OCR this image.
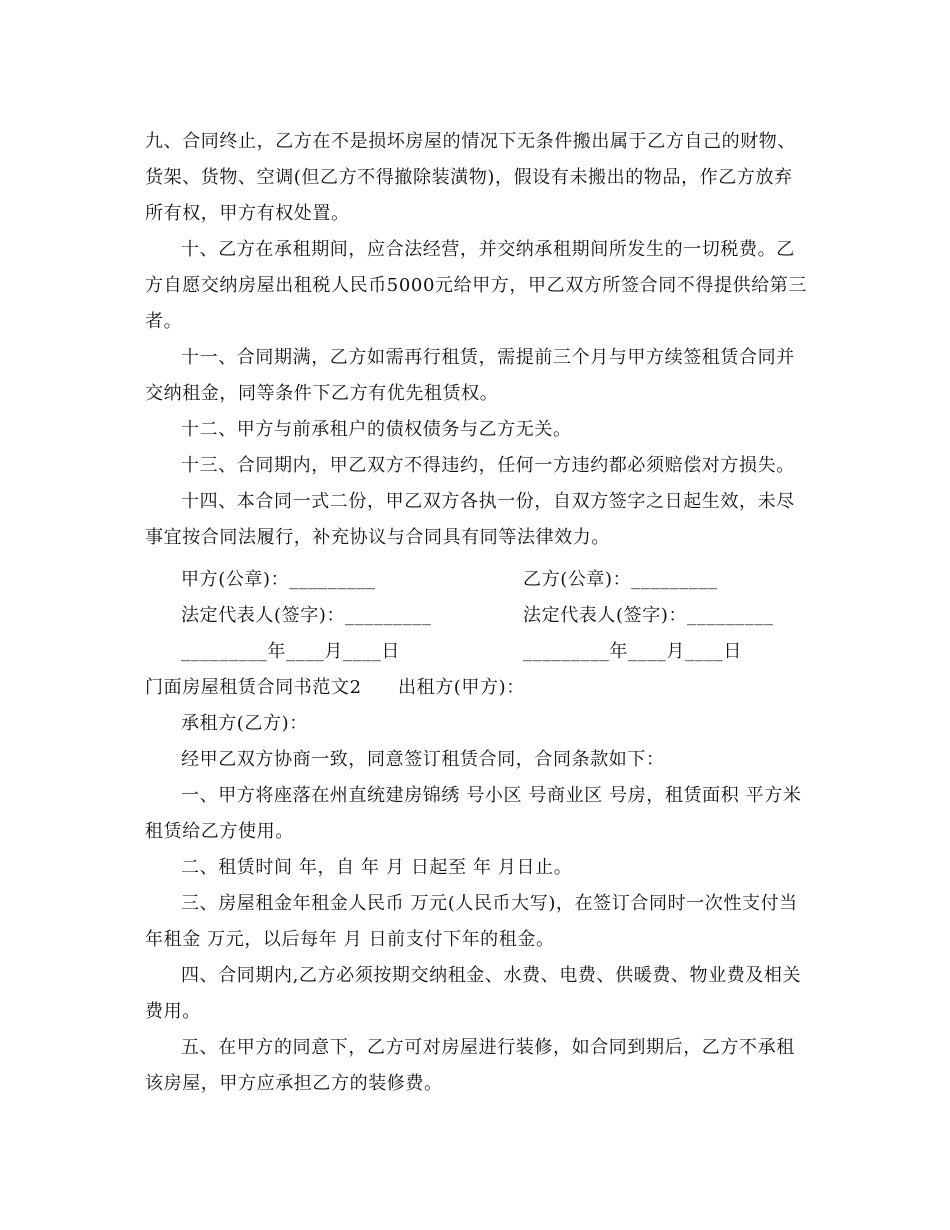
九、合同终止，乙方在不是损坏房屋的情况下无条件搬出属于乙方自己的财物、货架、货物、空调(但乙方不得撤除装潢物)，假设有未搬出的物品，作乙方放弃所有权，甲方有权处置。

十、乙方在承租期间，应合法经营，并交纳承租期间所发生的一切税费。乙方自愿交纳房屋出租税人民币5000元给甲方，甲乙双方所签合同不得提供给第三者。

十一、合同期满，乙方如需再行租赁，需提前三个月与甲方续签租赁合同并交纳租金，同等条件下乙方有优先租赁权。

十二、甲方与前承租户的债权债务与乙方无关。

十三、合同期内，甲乙双方不得违约，任何一方违约都必须赔偿对方损失。

十四、本合同一式二份，甲乙双方各执一份，自双方签字之日起生效，未尽事宜按合同法履行，补充协议与合同具有同等法律效力。

甲方(公章)：_________	乙方(公章)：_________
法定代表人(签字)：_________	法定代表人(签字)：_________
_________年____月____日	_________年____月____日
门面房屋租赁合同书范文2 出租方(甲方)：
承租方(乙方)：
经甲乙双方协商一致，同意签订租赁合同，合同条款如下：

一、甲方将座落在州直统建房锦绣 号小区 号商业区 号房，租赁面积 平方米租赁给乙方使用。

二、租赁时间 年，自 年 月 日起至 年 月日止。

三、房屋租金年租金人民币 万元(人民币大写)，在签订合同时一次性支付当年租金 万元，以后每年 月 日前支付下年的租金。

四、合同期内,乙方必须按期交纳租金、水费、电费、供暖费、物业费及相关费用。

五、在甲方的同意下，乙方可对房屋进行装修，如合同到期后，乙方不承租该房屋，甲方应承担乙方的装修费。
